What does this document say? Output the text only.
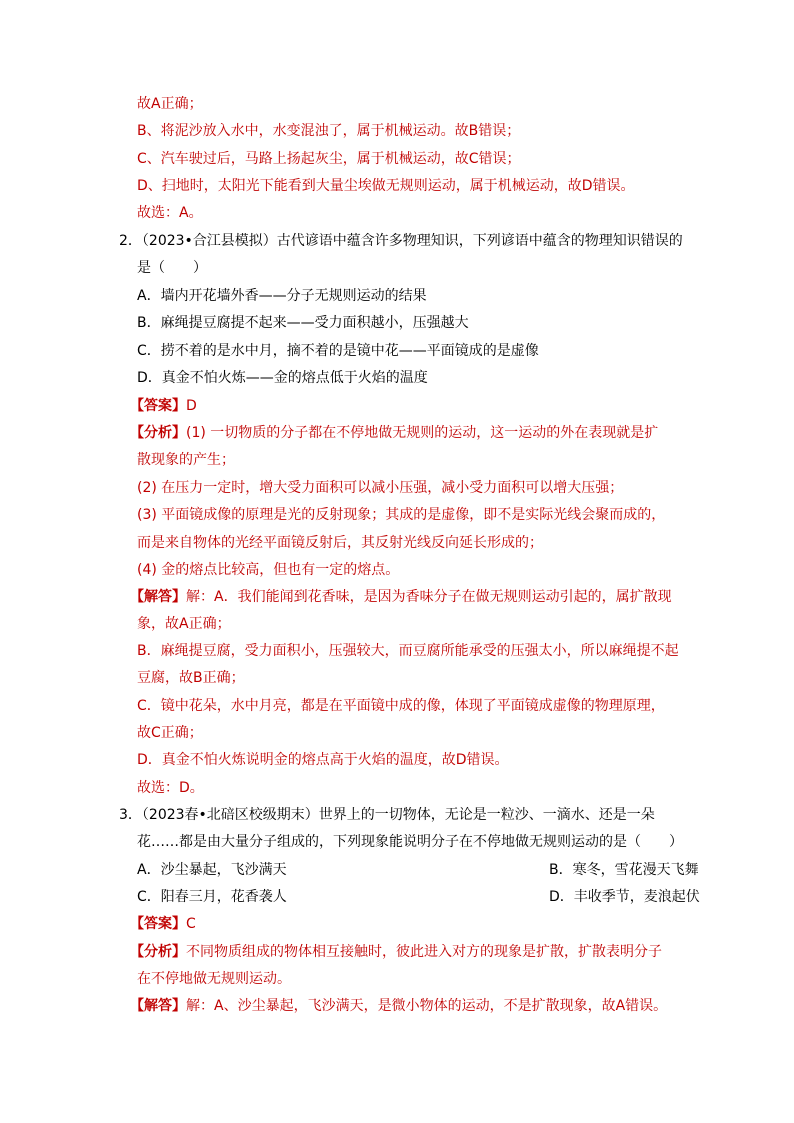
故A正确；
B、将泥沙放入水中，水变混浊了，属于机械运动。故B错误；
C、汽车驶过后，马路上扬起灰尘，属于机械运动，故C错误；
D、扫地时，太阳光下能看到大量尘埃做无规则运动，属于机械运动，故D错误。
故选：A。
2．（2023•合江县模拟）古代谚语中蕴含许多物理知识，下列谚语中蕴含的物理知识错误的
是（　　）
A．墙内开花墙外香——分子无规则运动的结果
B．麻绳提豆腐提不起来——受力面积越小，压强越大
C．捞不着的是水中月，摘不着的是镜中花——平面镜成的是虚像
D．真金不怕火炼——金的熔点低于火焰的温度
【答案】D
【分析】(1) 一切物质的分子都在不停地做无规则的运动，这一运动的外在表现就是扩
散现象的产生；
(2) 在压力一定时，增大受力面积可以减小压强，减小受力面积可以增大压强；
(3) 平面镜成像的原理是光的反射现象；其成的是虚像，即不是实际光线会聚而成的，
而是来自物体的光经平面镜反射后，其反射光线反向延长形成的；
(4) 金的熔点比较高，但也有一定的熔点。
【解答】解：A．我们能闻到花香味，是因为香味分子在做无规则运动引起的，属扩散现
象，故A正确；
B．麻绳提豆腐，受力面积小，压强较大，而豆腐所能承受的压强太小，所以麻绳提不起
豆腐，故B正确；
C．镜中花朵，水中月亮，都是在平面镜中成的像，体现了平面镜成虚像的物理原理，
故C正确；
D．真金不怕火炼说明金的熔点高于火焰的温度，故D错误。
故选：D。
3．（2023春•北碚区校级期末）世界上的一切物体，无论是一粒沙、一滴水、还是一朵
花……都是由大量分子组成的，下列现象能说明分子在不停地做无规则运动的是（　　）
A．沙尘暴起，飞沙满天	B．寒冬，雪花漫天飞舞
C．阳春三月，花香袭人	D．丰收季节，麦浪起伏
【答案】C
【分析】不同物质组成的物体相互接触时，彼此进入对方的现象是扩散，扩散表明分子
在不停地做无规则运动。
【解答】解：A、沙尘暴起，飞沙满天，是微小物体的运动，不是扩散现象，故A错误。
